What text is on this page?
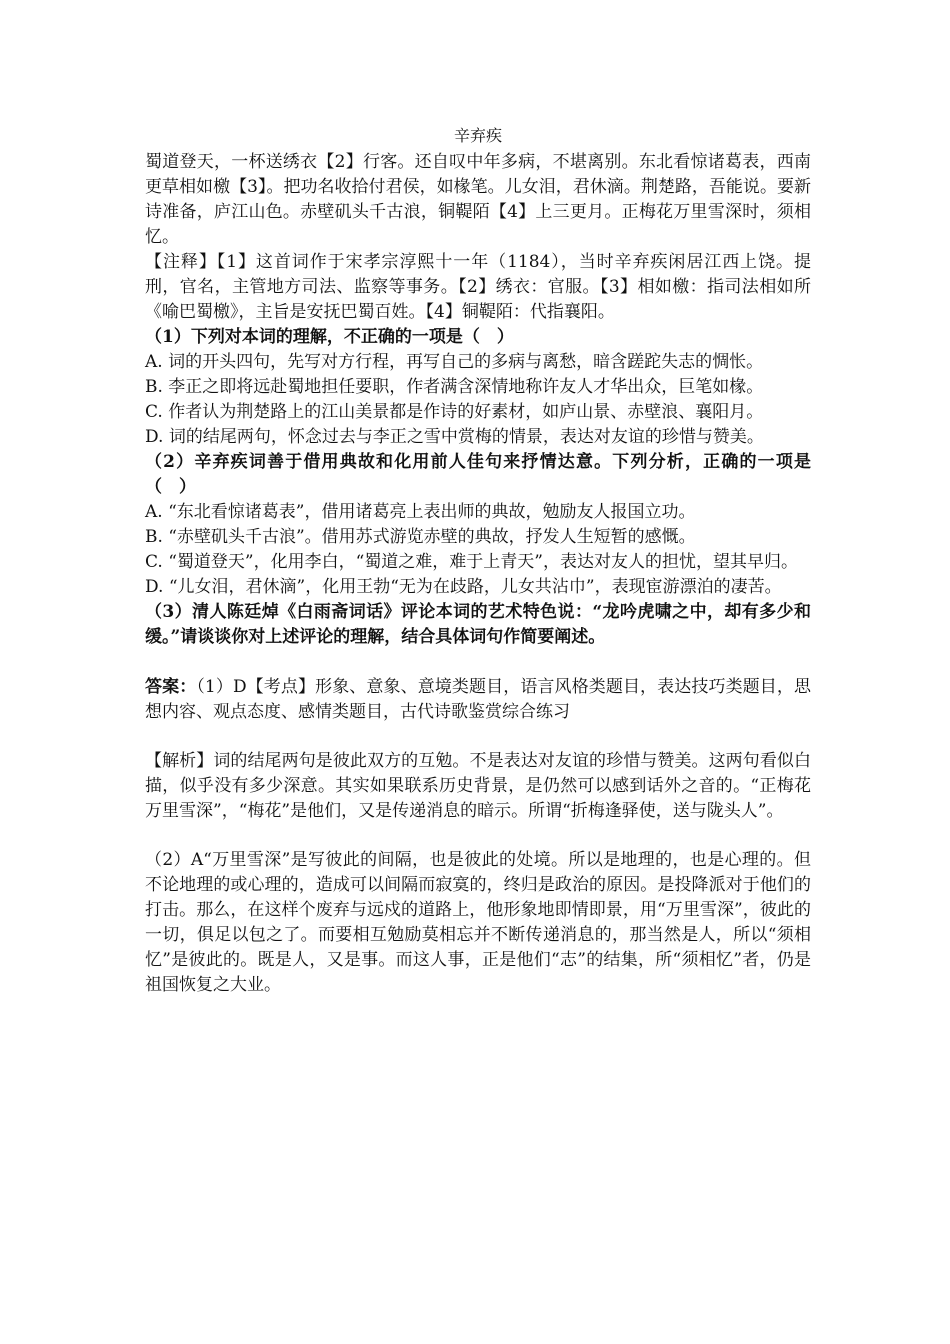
辛弃疾

蜀道登天，一杯送绣衣【2】行客。还自叹中年多病，不堪离别。东北看惊诸葛表，西南更草相如檄【3】。把功名收拾付君侯，如椽笔。儿女泪，君休滴。荆楚路，吾能说。要新诗准备，庐江山色。赤壁矶头千古浪，铜鞮陌【4】上三更月。正梅花万里雪深时，须相忆。

【注释】【1】这首词作于宋孝宗淳熙十一年（1184），当时辛弃疾闲居江西上饶。提刑，官名，主管地方司法、监察等事务。【2】绣衣：官服。【3】相如檄：指司法相如所《喻巴蜀檄》，主旨是安抚巴蜀百姓。【4】铜鞮陌：代指襄阳。

（1）下列对本词的理解，不正确的一项是（　）

A. 词的开头四句，先写对方行程，再写自己的多病与离愁，暗含蹉跎失志的惆怅。

B. 李正之即将远赴蜀地担任要职，作者满含深情地称许友人才华出众，巨笔如椽。

C. 作者认为荆楚路上的江山美景都是作诗的好素材，如庐山景、赤壁浪、襄阳月。

D. 词的结尾两句，怀念过去与李正之雪中赏梅的情景，表达对友谊的珍惜与赞美。

（2）辛弃疾词善于借用典故和化用前人佳句来抒情达意。下列分析，正确的一项是（　）

A. “东北看惊诸葛表”，借用诸葛亮上表出师的典故，勉励友人报国立功。

B. “赤壁矶头千古浪”。借用苏式游览赤壁的典故，抒发人生短暂的感慨。

C. “蜀道登天”，化用李白，“蜀道之难，难于上青天”，表达对友人的担忧，望其早归。

D. “儿女泪，君休滴”，化用王勃“无为在歧路，儿女共沾巾”，表现宦游漂泊的凄苦。

（3）清人陈廷焯《白雨斋词话》评论本词的艺术特色说：“龙吟虎啸之中，却有多少和缓。”请谈谈你对上述评论的理解，结合具体词句作简要阐述。

答案：（1）D【考点】形象、意象、意境类题目，语言风格类题目，表达技巧类题目，思想内容、观点态度、感情类题目，古代诗歌鉴赏综合练习

【解析】词的结尾两句是彼此双方的互勉。不是表达对友谊的珍惜与赞美。这两句看似白描，似乎没有多少深意。其实如果联系历史背景，是仍然可以感到话外之音的。“正梅花万里雪深”，“梅花”是他们，又是传递消息的暗示。所谓“折梅逢驿使，送与陇头人”。

（2）A“万里雪深”是写彼此的间隔，也是彼此的处境。所以是地理的，也是心理的。但不论地理的或心理的，造成可以间隔而寂寞的，终归是政治的原因。是投降派对于他们的打击。那么，在这样个废弃与远戍的道路上，他形象地即情即景，用“万里雪深”，彼此的一切，俱足以包之了。而要相互勉励莫相忘并不断传递消息的，那当然是人，所以“须相忆”是彼此的。既是人，又是事。而这人事，正是他们“志”的结集，所“须相忆”者，仍是祖国恢复之大业。
